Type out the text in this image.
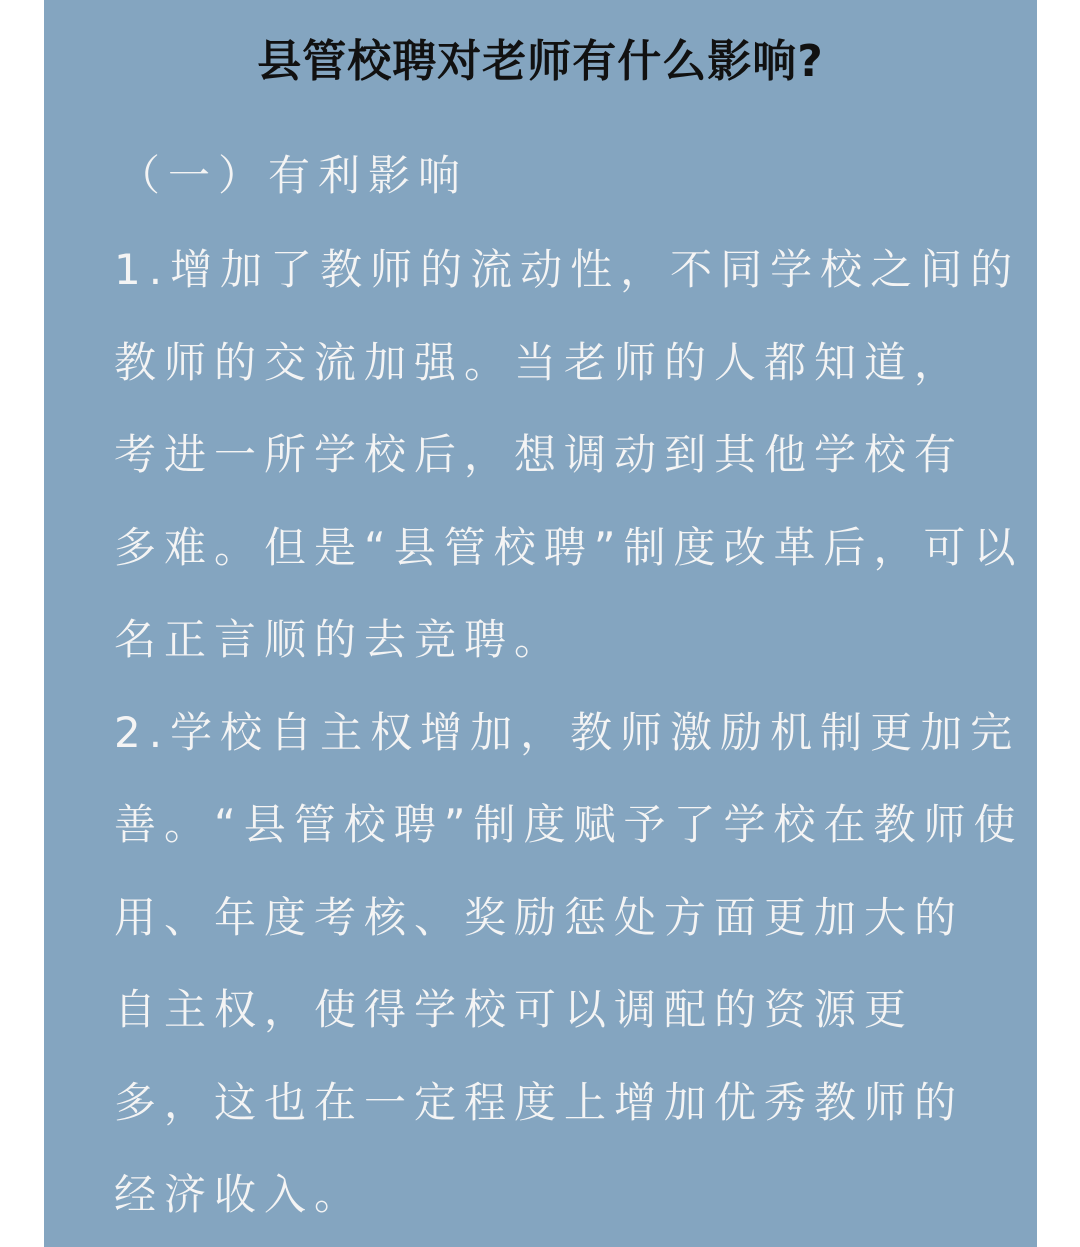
县管校聘对老师有什么影响?
（一）有利影响
1.增加了教师的流动性，不同学校之间的
教师的交流加强。当老师的人都知道，
考进一所学校后，想调动到其他学校有
多难。但是“县管校聘”制度改革后，可以
名正言顺的去竞聘。
2.学校自主权增加，教师激励机制更加完
善。“县管校聘”制度赋予了学校在教师使
用、年度考核、奖励惩处方面更加大的
自主权，使得学校可以调配的资源更
多，这也在一定程度上增加优秀教师的
经济收入。
